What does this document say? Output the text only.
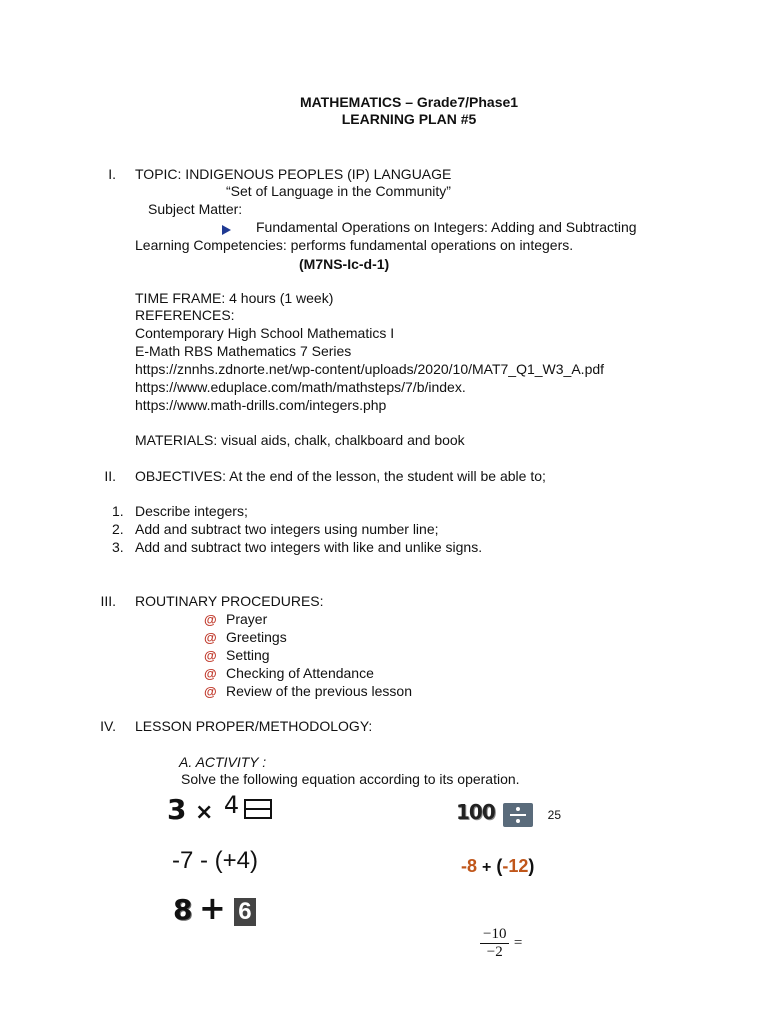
MATHEMATICS – Grade7/Phase1
LEARNING PLAN #5
I. TOPIC: INDIGENOUS PEOPLES (IP) LANGUAGE
“Set of Language in the Community”
Subject Matter:
Fundamental Operations on Integers: Adding and Subtracting
Learning Competencies: performs fundamental operations on integers.
(M7NS-Ic-d-1)
TIME FRAME: 4 hours (1 week)
REFERENCES:
Contemporary High School Mathematics I
E-Math RBS Mathematics 7 Series
https://znnhs.zdnorte.net/wp-content/uploads/2020/10/MAT7_Q1_W3_A.pdf
https://www.eduplace.com/math/mathsteps/7/b/index.
https://www.math-drills.com/integers.php
MATERIALS: visual aids, chalk, chalkboard and book
II. OBJECTIVES: At the end of the lesson, the student will be able to;
1. Describe integers;
2. Add and subtract two integers using number line;
3. Add and subtract two integers with like and unlike signs.
III. ROUTINARY PROCEDURES:
@ Prayer
@ Greetings
@ Setting
@ Checking of Attendance
@ Review of the previous lesson
IV. LESSON PROPER/METHODOLOGY:
A. ACTIVITY :
Solve the following equation according to its operation.
3 × 4	100	25
-7 - (+4)	-8 + (-12)
8 + 6
$\frac{-10}{-2}$ =
